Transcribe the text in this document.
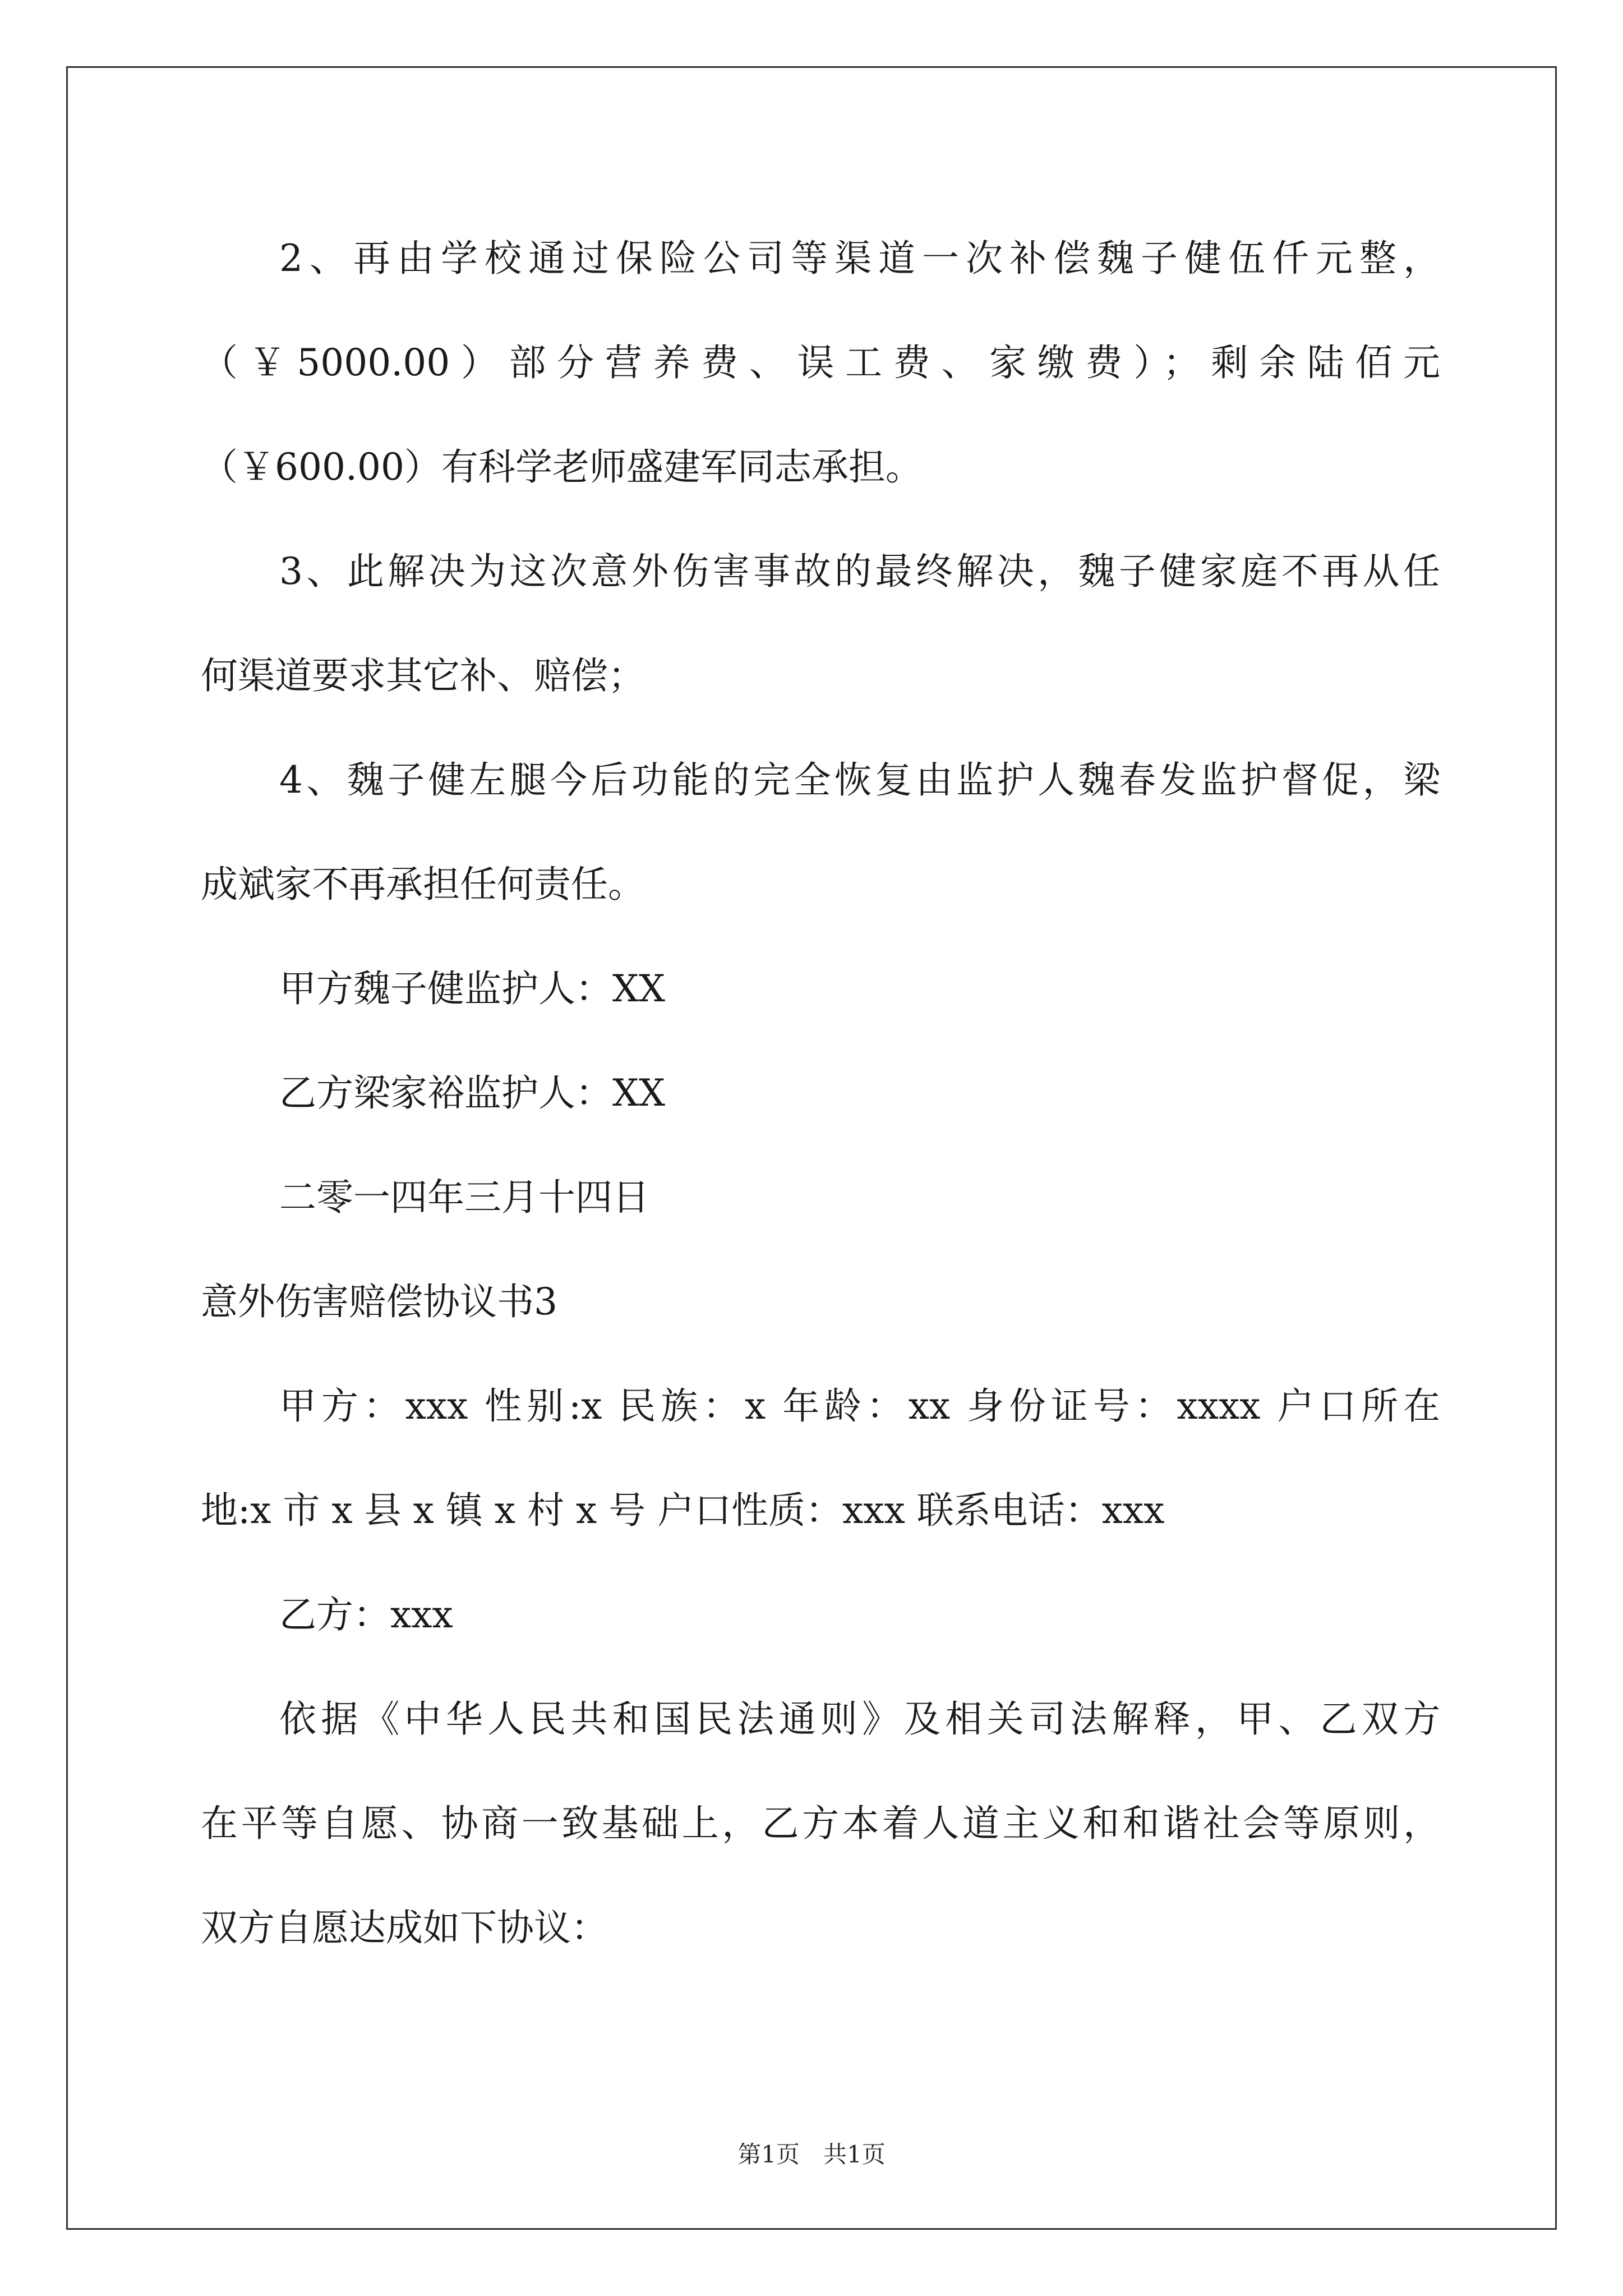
2、再由学校通过保险公司等渠道一次补偿魏子健伍仟元整，
（￥5000.00）部分营养费、误工费、家缴费）；剩余陆佰元
（￥600.00）有科学老师盛建军同志承担。
3、此解决为这次意外伤害事故的最终解决，魏子健家庭不再从任
何渠道要求其它补、赔偿；
4、魏子健左腿今后功能的完全恢复由监护人魏春发监护督促，梁
成斌家不再承担任何责任。
甲方魏子健监护人：XX
乙方梁家裕监护人：XX
二零一四年三月十四日
意外伤害赔偿协议书3
甲方：xxx 性别:x 民族：x 年龄：xx 身份证号：xxxx 户口所在
地:x 市 x 县 x 镇 x 村 x 号 户口性质：xxx 联系电话：xxx
乙方：xxx
依据《中华人民共和国民法通则》及相关司法解释，甲、乙双方
在平等自愿、协商一致基础上，乙方本着人道主义和和谐社会等原则，
双方自愿达成如下协议：
第1页　共1页
